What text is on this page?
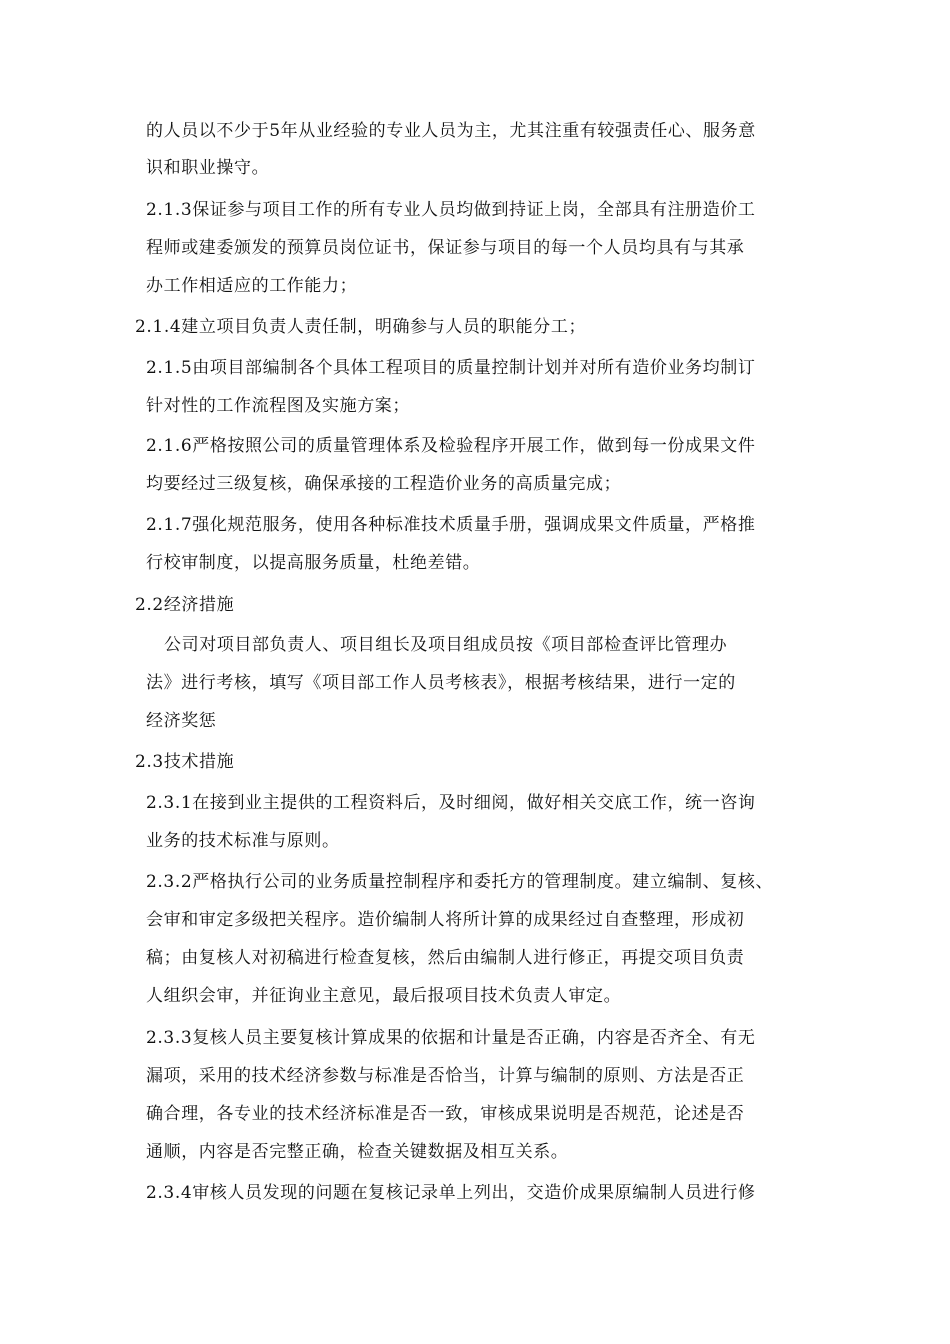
的人员以不少于5年从业经验的专业人员为主，尤其注重有较强责任心、服务意
识和职业操守。
2.1.3保证参与项目工作的所有专业人员均做到持证上岗，全部具有注册造价工
程师或建委颁发的预算员岗位证书，保证参与项目的每一个人员均具有与其承
办工作相适应的工作能力；
2.1.4建立项目负责人责任制，明确参与人员的职能分工；
2.1.5由项目部编制各个具体工程项目的质量控制计划并对所有造价业务均制订
针对性的工作流程图及实施方案；
2.1.6严格按照公司的质量管理体系及检验程序开展工作，做到每一份成果文件
均要经过三级复核，确保承接的工程造价业务的高质量完成；
2.1.7强化规范服务，使用各种标准技术质量手册，强调成果文件质量，严格推
行校审制度，以提高服务质量，杜绝差错。
2.2经济措施
公司对项目部负责人、项目组长及项目组成员按《项目部检查评比管理办
法》进行考核，填写《项目部工作人员考核表》，根据考核结果，进行一定的
经济奖惩
2.3技术措施
2.3.1在接到业主提供的工程资料后，及时细阅，做好相关交底工作，统一咨询
业务的技术标准与原则。
2.3.2严格执行公司的业务质量控制程序和委托方的管理制度。建立编制、复核、
会审和审定多级把关程序。造价编制人将所计算的成果经过自查整理，形成初
稿；由复核人对初稿进行检查复核，然后由编制人进行修正，再提交项目负责
人组织会审，并征询业主意见，最后报项目技术负责人审定。
2.3.3复核人员主要复核计算成果的依据和计量是否正确，内容是否齐全、有无
漏项，采用的技术经济参数与标准是否恰当，计算与编制的原则、方法是否正
确合理，各专业的技术经济标准是否一致，审核成果说明是否规范，论述是否
通顺，内容是否完整正确，检查关键数据及相互关系。
2.3.4审核人员发现的问题在复核记录单上列出，交造价成果原编制人员进行修
